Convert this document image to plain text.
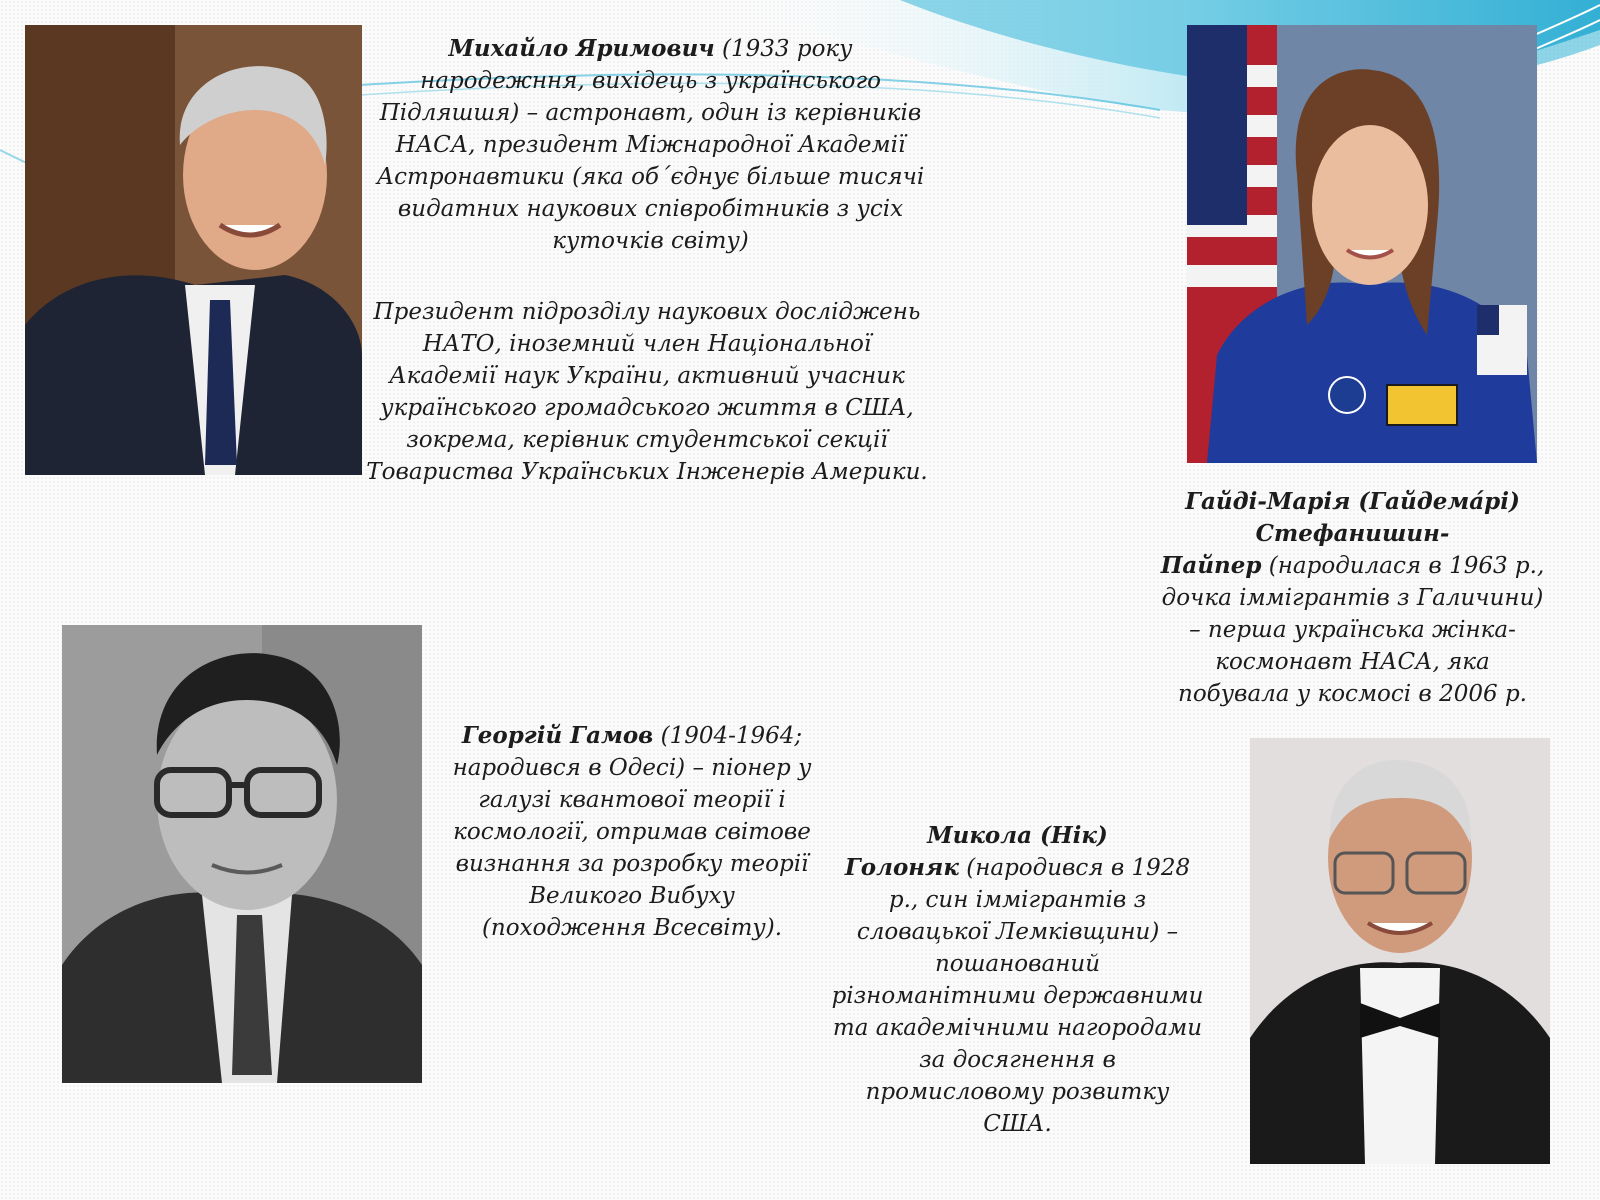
Михайло Яримович (1933 року народежння, вихідець з українського Підляшшя) – астронавт, один із керівників НАСА, президент Міжнародної Академії Астронавтики (яка об´єднує більше тисячі видатних наукових співробітників з усіх куточків світу)

Президент підрозділу наукових досліджень НАТО, іноземний член Національної Академії наук України, активний учасник українського громадського життя в США, зокрема, керівник студентської секції Товариства Українських Інженерів Америки.

Гайді-Марія (Гайдема́рі)
Стефанишин-
Пайпер (народилася в 1963 р., дочка іммігрантів з Галичини) – перша українська жінка-космонавт НАСА, яка побувала у космосі в 2006 р.

Георгій Гамов (1904-1964; народився в Одесі) – піонер у галузі квантової теорії і космології, отримав світове визнання за розробку теорії Великого Вибуху (походження Всесвіту).

Микола (Нік)
Голоняк (народився в 1928 р., син іммігрантів з словацької Лемківщини) – пошанований різноманітними державними та академічними нагородами за досягнення в промисловому розвитку США.
